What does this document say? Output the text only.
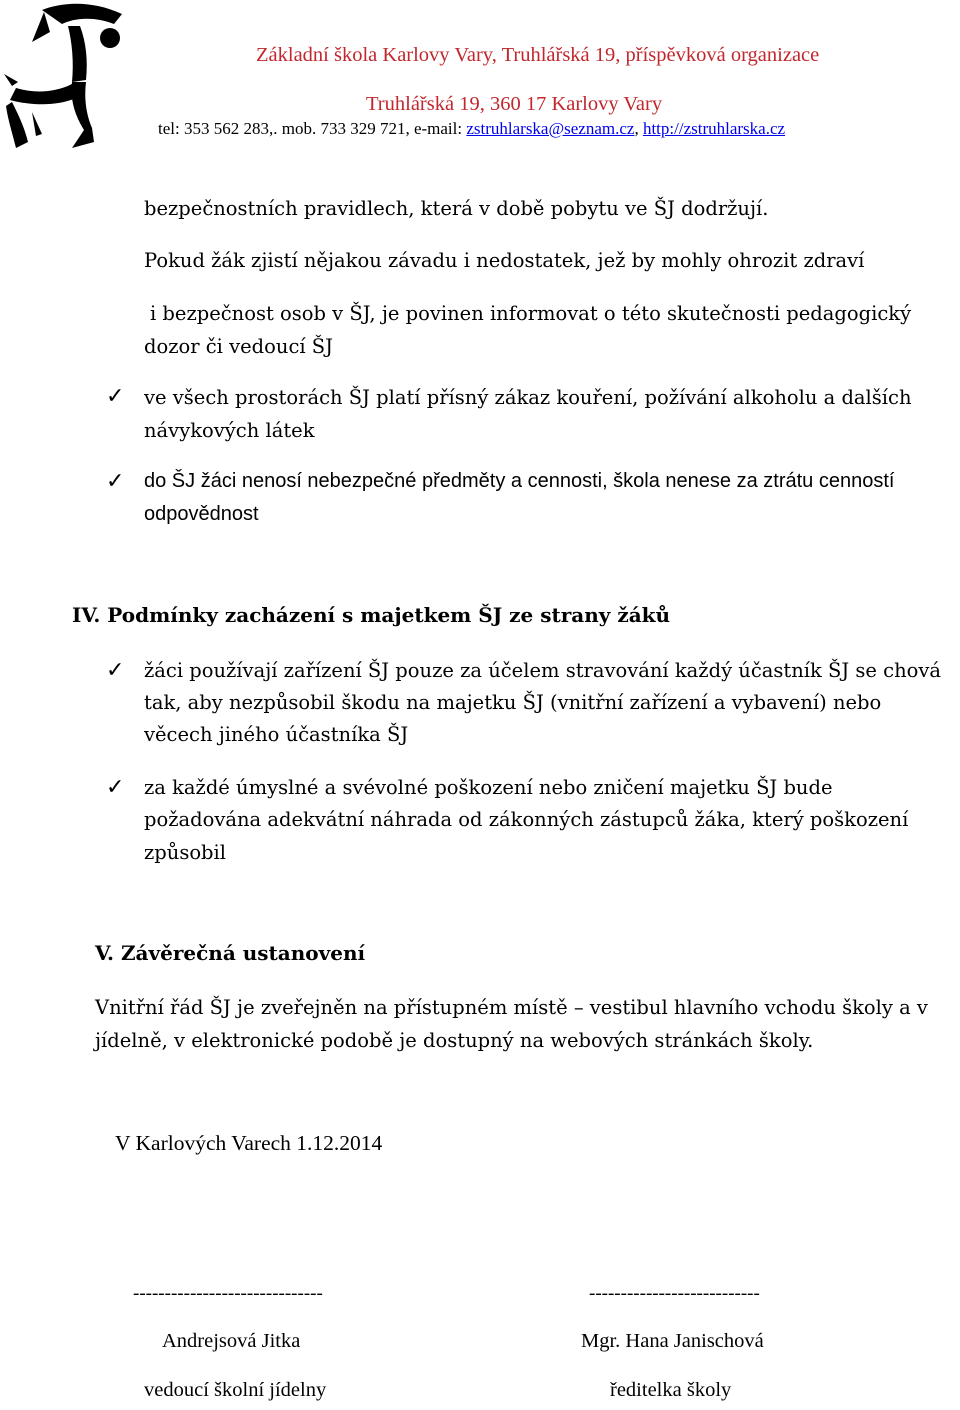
Základní škola Karlovy Vary, Truhlářská 19, příspěvková organizace
Truhlářská 19, 360 17 Karlovy Vary
tel: 353 562 283,. mob. 733 329 721, e-mail: zstruhlarska@seznam.cz, http://zstruhlarska.cz
bezpečnostních pravidlech, která v době pobytu ve ŠJ dodržují.
Pokud žák zjistí nějakou závadu i nedostatek, jež by mohly ohrozit zdraví
i bezpečnost osob v ŠJ, je povinen informovat o této skutečnosti pedagogický
dozor či vedoucí ŠJ
✓ ve všech prostorách ŠJ platí přísný zákaz kouření, požívání alkoholu a dalších
návykových látek
✓ do ŠJ žáci nenosí nebezpečné předměty a cennosti, škola nenese za ztrátu cenností
odpovědnost
IV. Podmínky zacházení s majetkem ŠJ ze strany žáků
✓ žáci používají zařízení ŠJ pouze za účelem stravování každý účastník ŠJ se chová
tak, aby nezpůsobil škodu na majetku ŠJ (vnitřní zařízení a vybavení) nebo
věcech jiného účastníka ŠJ
✓ za každé úmyslné a svévolné poškození nebo zničení majetku ŠJ bude
požadována adekvátní náhrada od zákonných zástupců žáka, který poškození
způsobil
V. Závěrečná ustanovení
Vnitřní řád ŠJ je zveřejněn na přístupném místě – vestibul hlavního vchodu školy a v
jídelně, v elektronické podobě je dostupný na webových stránkách školy.
V Karlových Varech 1.12.2014
------------------------------	---------------------------
Andrejsová Jitka	Mgr. Hana Janischová
vedoucí školní jídelny	ředitelka školy
